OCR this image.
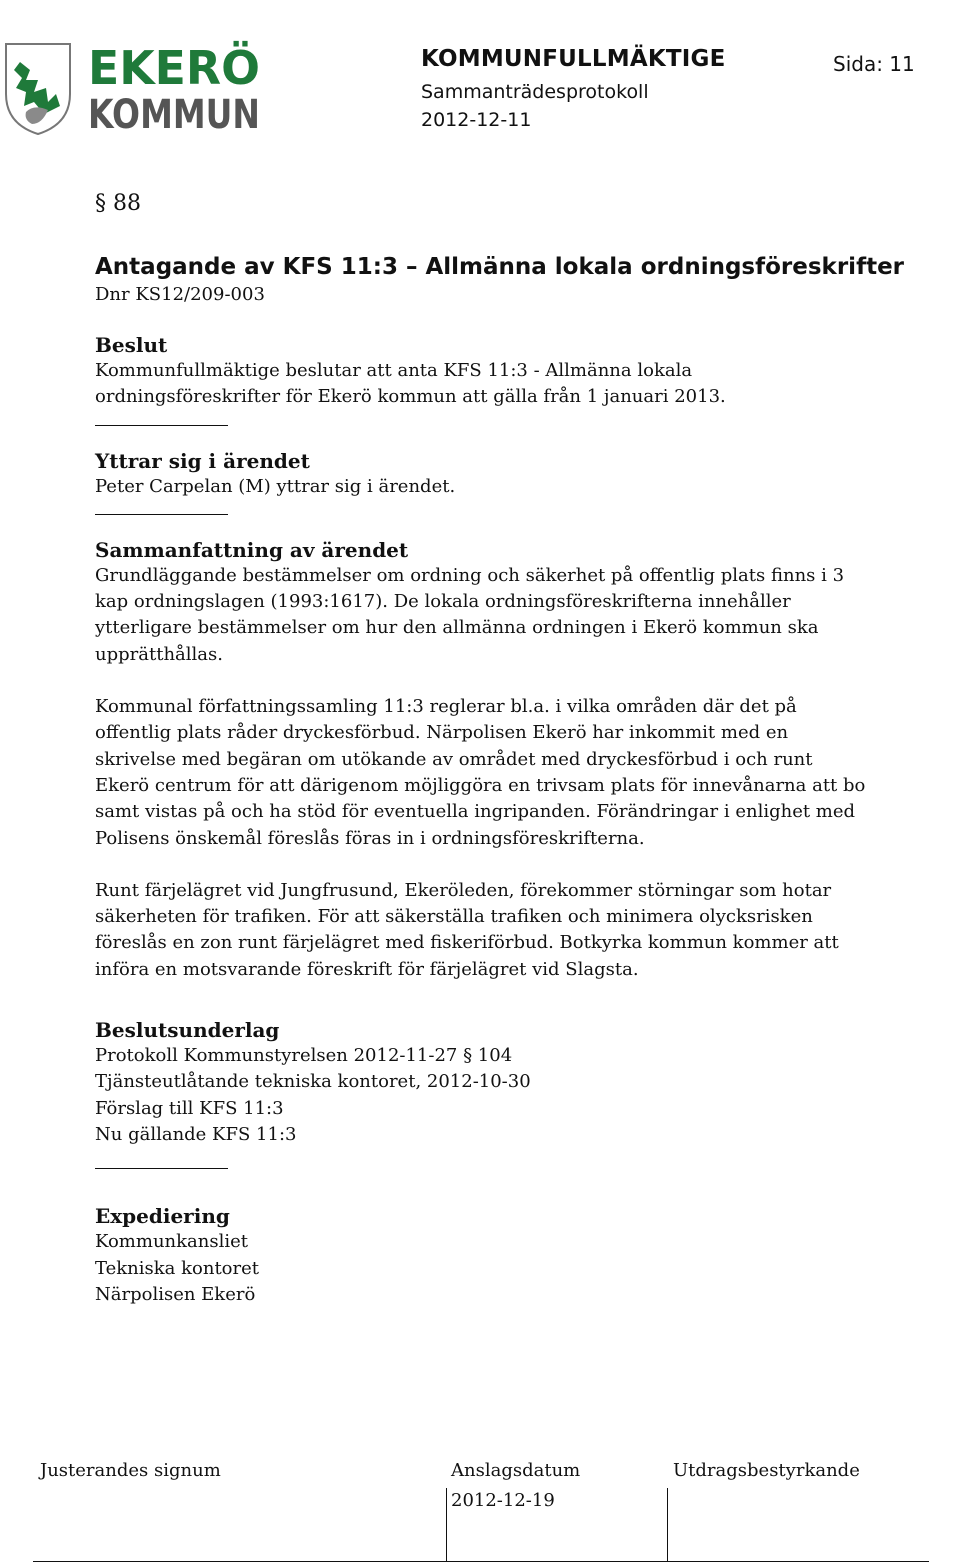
EKERÖ
KOMMUN
KOMMUNFULLMÄKTIGE	Sida: 11
Sammanträdesprotokoll
2012-12-11
§ 88
Antagande av KFS 11:3 – Allmänna lokala ordningsföreskrifter
Dnr KS12/209-003
Beslut

Kommunfullmäktige beslutar att anta KFS 11:3 - Allmänna lokala

ordningsföreskrifter för Ekerö kommun att gälla från 1 januari 2013.

Yttrar sig i ärendet

Peter Carpelan (M) yttrar sig i ärendet.

Sammanfattning av ärendet

Grundläggande bestämmelser om ordning och säkerhet på offentlig plats finns i 3

kap ordningslagen (1993:1617). De lokala ordningsföreskrifterna innehåller

ytterligare bestämmelser om hur den allmänna ordningen i Ekerö kommun ska

upprätthållas.

Kommunal författningssamling 11:3 reglerar bl.a. i vilka områden där det på

offentlig plats råder dryckesförbud. Närpolisen Ekerö har inkommit med en

skrivelse med begäran om utökande av området med dryckesförbud i och runt

Ekerö centrum för att därigenom möjliggöra en trivsam plats för innevånarna att bo

samt vistas på och ha stöd för eventuella ingripanden. Förändringar i enlighet med

Polisens önskemål föreslås föras in i ordningsföreskrifterna.

Runt färjelägret vid Jungfrusund, Ekeröleden, förekommer störningar som hotar

säkerheten för trafiken. För att säkerställa trafiken och minimera olycksrisken

föreslås en zon runt färjelägret med fiskeriförbud. Botkyrka kommun kommer att

införa en motsvarande föreskrift för färjelägret vid Slagsta.

Beslutsunderlag
Protokoll Kommunstyrelsen 2012-11-27 § 104
Tjänsteutlåtande tekniska kontoret, 2012-10-30
Förslag till KFS 11:3
Nu gällande KFS 11:3
Expediering
Kommunkansliet
Tekniska kontoret
Närpolisen Ekerö
Justerandes signum	Anslagsdatum	Utdragsbestyrkande
2012-12-19
